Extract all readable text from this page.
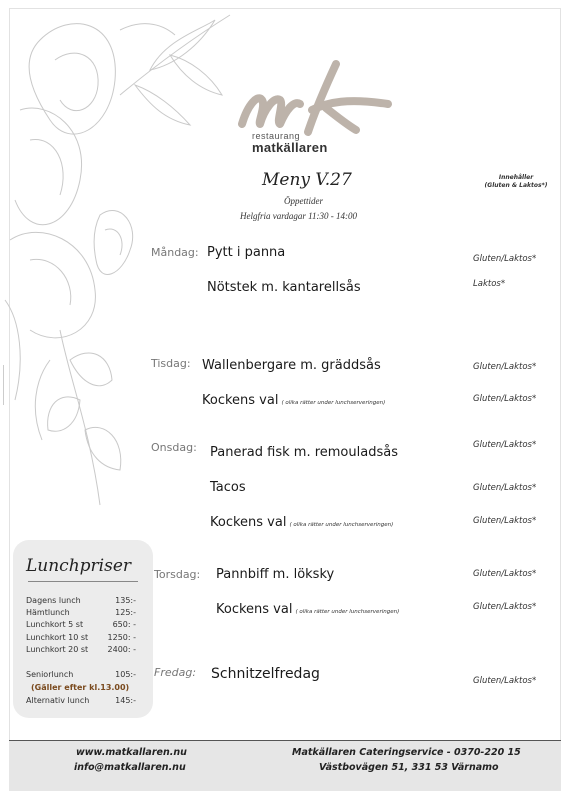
restaurang
matkällaren
Meny V.27
Öppettider
Helgfria vardagar 11:30 - 14:00
Innehåller
(Gluten & Laktos*)
Måndag: Pytt i panna	Gluten/Laktos*
Nötstek m. kantarellsås	Laktos*
Tisdag: Wallenbergare m. gräddsås	Gluten/Laktos*
Kockens val ( olika rätter under lunchserveringen)	Gluten/Laktos*
Onsdag: Panerad fisk m. remouladsås	Gluten/Laktos*
Tacos	Gluten/Laktos*
Kockens val ( olika rätter under lunchserveringen)	Gluten/Laktos*
Torsdag: Pannbiff m. löksky	Gluten/Laktos*
Kockens val ( olika rätter under lunchserveringen)	Gluten/Laktos*
Fredag: Schnitzelfredag	Gluten/Laktos*
Lunchpriser
Dagens lunch	135:-
Hämtlunch	125:-
Lunchkort 5 st	650: -
Lunchkort 10 st 1250: -
Lunchkort 20 st 2400: -
Seniorlunch	105:-
(Gäller efter kl.13.00)
Alternativ lunch	145:-
www.matkallaren.nu
info@matkallaren.nu
Matkällaren Cateringservice - 0370-220 15
Västbovägen 51, 331 53 Värnamo
